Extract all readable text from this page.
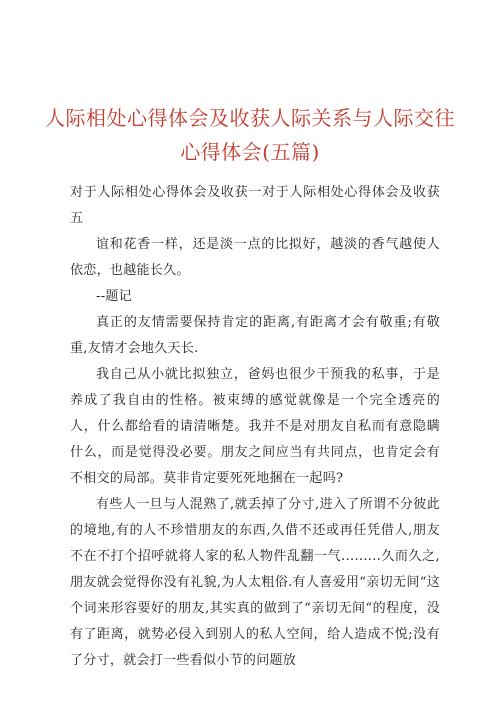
人际相处心得体会及收获人际关系与人际交往
心得体会(五篇)

对于人际相处心得体会及收获一对于人际相处心得体会及收获五

谊和花香一样，还是淡一点的比拟好，越淡的香气越使人依恋，也越能长久。

--题记

真正的友情需要保持肯定的距离,有距离才会有敬重;有敬重,友情才会地久天长.

我自己从小就比拟独立，爸妈也很少干预我的私事，于是养成了我自由的性格。被束缚的感觉就像是一个完全透亮的人，什么都给看的请清晰楚。我并不是对朋友自私而有意隐瞒什么，而是觉得没必要。朋友之间应当有共同点，也肯定会有不相交的局部。莫非肯定要死死地捆在一起吗?

有些人一旦与人混熟了,就丢掉了分寸,进入了所谓不分彼此的境地,有的人不珍惜朋友的东西,久借不还或再任凭借人,朋友不在不打个招呼就将人家的私人物件乱翻一气.........久而久之,朋友就会觉得你没有礼貌,为人太粗俗.有人喜爱用“亲切无间“这个词来形容要好的朋友,其实真的做到了“亲切无间“的程度，没有了距离，就势必侵入到别人的私人空间，给人造成不悦;没有了分寸，就会打一些看似小节的问题放
